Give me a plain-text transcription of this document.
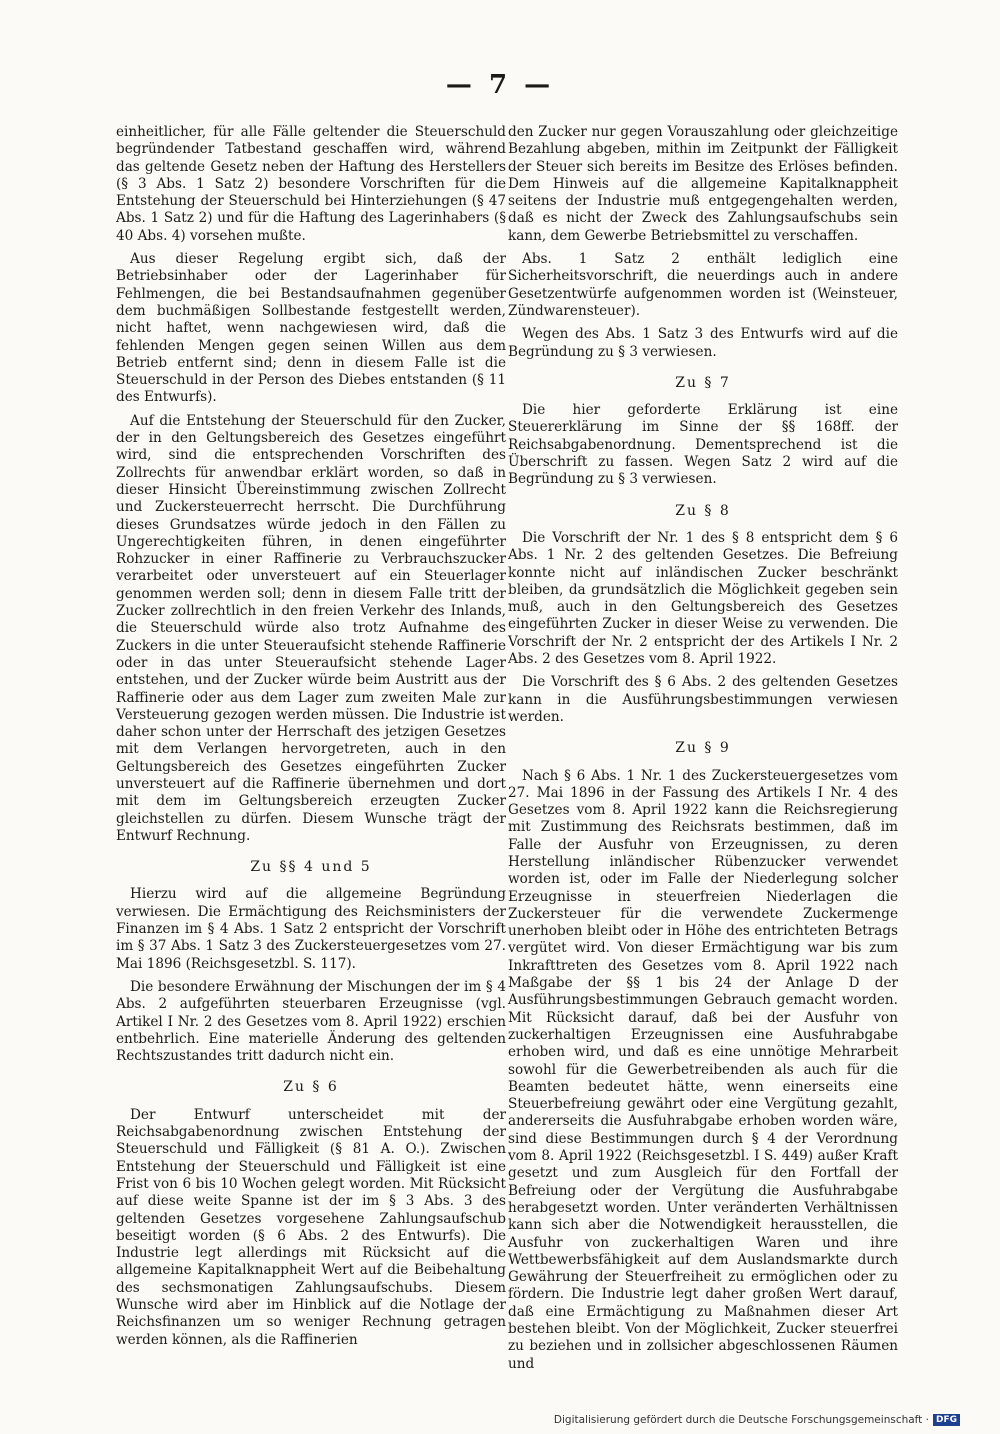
— 7 —

einheitlicher, für alle Fälle geltender die Steuerschuld begründender Tatbestand geschaffen wird, während das geltende Gesetz neben der Haftung des Herstellers (§ 3 Abs. 1 Satz 2) besondere Vorschriften für die Entstehung der Steuerschuld bei Hinterziehungen (§ 47 Abs. 1 Satz 2) und für die Haftung des Lagerinhabers (§ 40 Abs. 4) vorsehen mußte.

Aus dieser Regelung ergibt sich, daß der Betriebsinhaber oder der Lagerinhaber für Fehlmengen, die bei Bestandsaufnahmen gegenüber dem buchmäßigen Sollbestande festgestellt werden, nicht haftet, wenn nachgewiesen wird, daß die fehlenden Mengen gegen seinen Willen aus dem Betrieb entfernt sind; denn in diesem Falle ist die Steuerschuld in der Person des Diebes entstanden (§ 11 des Entwurfs).

Auf die Entstehung der Steuerschuld für den Zucker, der in den Geltungsbereich des Gesetzes eingeführt wird, sind die entsprechenden Vorschriften des Zollrechts für anwendbar erklärt worden, so daß in dieser Hinsicht Übereinstimmung zwischen Zollrecht und Zuckersteuerrecht herrscht. Die Durchführung dieses Grundsatzes würde jedoch in den Fällen zu Ungerechtigkeiten führen, in denen eingeführter Rohzucker in einer Raffinerie zu Verbrauchszucker verarbeitet oder unversteuert auf ein Steuerlager genommen werden soll; denn in diesem Falle tritt der Zucker zollrechtlich in den freien Verkehr des Inlands, die Steuerschuld würde also trotz Aufnahme des Zuckers in die unter Steueraufsicht stehende Raffinerie oder in das unter Steueraufsicht stehende Lager entstehen, und der Zucker würde beim Austritt aus der Raffinerie oder aus dem Lager zum zweiten Male zur Versteuerung gezogen werden müssen. Die Industrie ist daher schon unter der Herrschaft des jetzigen Gesetzes mit dem Verlangen hervorgetreten, auch in den Geltungsbereich des Gesetzes eingeführten Zucker unversteuert auf die Raffinerie übernehmen und dort mit dem im Geltungsbereich erzeugten Zucker gleichstellen zu dürfen. Diesem Wunsche trägt der Entwurf Rechnung.

Zu §§ 4 und 5

Hierzu wird auf die allgemeine Begründung verwiesen. Die Ermächtigung des Reichsministers der Finanzen im § 4 Abs. 1 Satz 2 entspricht der Vorschrift im § 37 Abs. 1 Satz 3 des Zuckersteuergesetzes vom 27. Mai 1896 (Reichsgesetzbl. S. 117).

Die besondere Erwähnung der Mischungen der im § 4 Abs. 2 aufgeführten steuerbaren Erzeugnisse (vgl. Artikel I Nr. 2 des Gesetzes vom 8. April 1922) erschien entbehrlich. Eine materielle Änderung des geltenden Rechtszustandes tritt dadurch nicht ein.

Zu § 6

Der Entwurf unterscheidet mit der Reichsabgabenordnung zwischen Entstehung der Steuerschuld und Fälligkeit (§ 81 A. O.). Zwischen Entstehung der Steuerschuld und Fälligkeit ist eine Frist von 6 bis 10 Wochen gelegt worden. Mit Rücksicht auf diese weite Spanne ist der im § 3 Abs. 3 des geltenden Gesetzes vorgesehene Zahlungsaufschub beseitigt worden (§ 6 Abs. 2 des Entwurfs). Die Industrie legt allerdings mit Rücksicht auf die allgemeine Kapitalknappheit Wert auf die Beibehaltung des sechsmonatigen Zahlungsaufschubs. Diesem Wunsche wird aber im Hinblick auf die Notlage der Reichsfinanzen um so weniger Rechnung getragen werden können, als die Raffinerien

den Zucker nur gegen Vorauszahlung oder gleichzeitige Bezahlung abgeben, mithin im Zeitpunkt der Fälligkeit der Steuer sich bereits im Besitze des Erlöses befinden. Dem Hinweis auf die allgemeine Kapitalknappheit seitens der Industrie muß entgegengehalten werden, daß es nicht der Zweck des Zahlungsaufschubs sein kann, dem Gewerbe Betriebsmittel zu verschaffen.

Abs. 1 Satz 2 enthält lediglich eine Sicherheitsvorschrift, die neuerdings auch in andere Gesetzentwürfe aufgenommen worden ist (Weinsteuer, Zündwarensteuer).

Wegen des Abs. 1 Satz 3 des Entwurfs wird auf die Begründung zu § 3 verwiesen.

Zu § 7

Die hier geforderte Erklärung ist eine Steuererklärung im Sinne der §§ 168ff. der Reichsabgabenordnung. Dementsprechend ist die Überschrift zu fassen. Wegen Satz 2 wird auf die Begründung zu § 3 verwiesen.

Zu § 8

Die Vorschrift der Nr. 1 des § 8 entspricht dem § 6 Abs. 1 Nr. 2 des geltenden Gesetzes. Die Befreiung konnte nicht auf inländischen Zucker beschränkt bleiben, da grundsätzlich die Möglichkeit gegeben sein muß, auch in den Geltungsbereich des Gesetzes eingeführten Zucker in dieser Weise zu verwenden. Die Vorschrift der Nr. 2 entspricht der des Artikels I Nr. 2 Abs. 2 des Gesetzes vom 8. April 1922.

Die Vorschrift des § 6 Abs. 2 des geltenden Gesetzes kann in die Ausführungsbestimmungen verwiesen werden.

Zu § 9

Nach § 6 Abs. 1 Nr. 1 des Zuckersteuergesetzes vom 27. Mai 1896 in der Fassung des Artikels I Nr. 4 des Gesetzes vom 8. April 1922 kann die Reichsregierung mit Zustimmung des Reichsrats bestimmen, daß im Falle der Ausfuhr von Erzeugnissen, zu deren Herstellung inländischer Rübenzucker verwendet worden ist, oder im Falle der Niederlegung solcher Erzeugnisse in steuerfreien Niederlagen die Zuckersteuer für die verwendete Zuckermenge unerhoben bleibt oder in Höhe des entrichteten Betrags vergütet wird. Von dieser Ermächtigung war bis zum Inkrafttreten des Gesetzes vom 8. April 1922 nach Maßgabe der §§ 1 bis 24 der Anlage D der Ausführungsbestimmungen Gebrauch gemacht worden. Mit Rücksicht darauf, daß bei der Ausfuhr von zuckerhaltigen Erzeugnissen eine Ausfuhrabgabe erhoben wird, und daß es eine unnötige Mehrarbeit sowohl für die Gewerbetreibenden als auch für die Beamten bedeutet hätte, wenn einerseits eine Steuerbefreiung gewährt oder eine Vergütung gezahlt, andererseits die Ausfuhrabgabe erhoben worden wäre, sind diese Bestimmungen durch § 4 der Verordnung vom 8. April 1922 (Reichsgesetzbl. I S. 449) außer Kraft gesetzt und zum Ausgleich für den Fortfall der Befreiung oder der Vergütung die Ausfuhrabgabe herabgesetzt worden. Unter veränderten Verhältnissen kann sich aber die Notwendigkeit herausstellen, die Ausfuhr von zuckerhaltigen Waren und ihre Wettbewerbsfähigkeit auf dem Auslandsmarkte durch Gewährung der Steuerfreiheit zu ermöglichen oder zu fördern. Die Industrie legt daher großen Wert darauf, daß eine Ermächtigung zu Maßnahmen dieser Art bestehen bleibt. Von der Möglichkeit, Zucker steuerfrei zu beziehen und in zollsicher abgeschlossenen Räumen und

Digitalisierung gefördert durch die Deutsche Forschungsgemeinschaft · DFG
